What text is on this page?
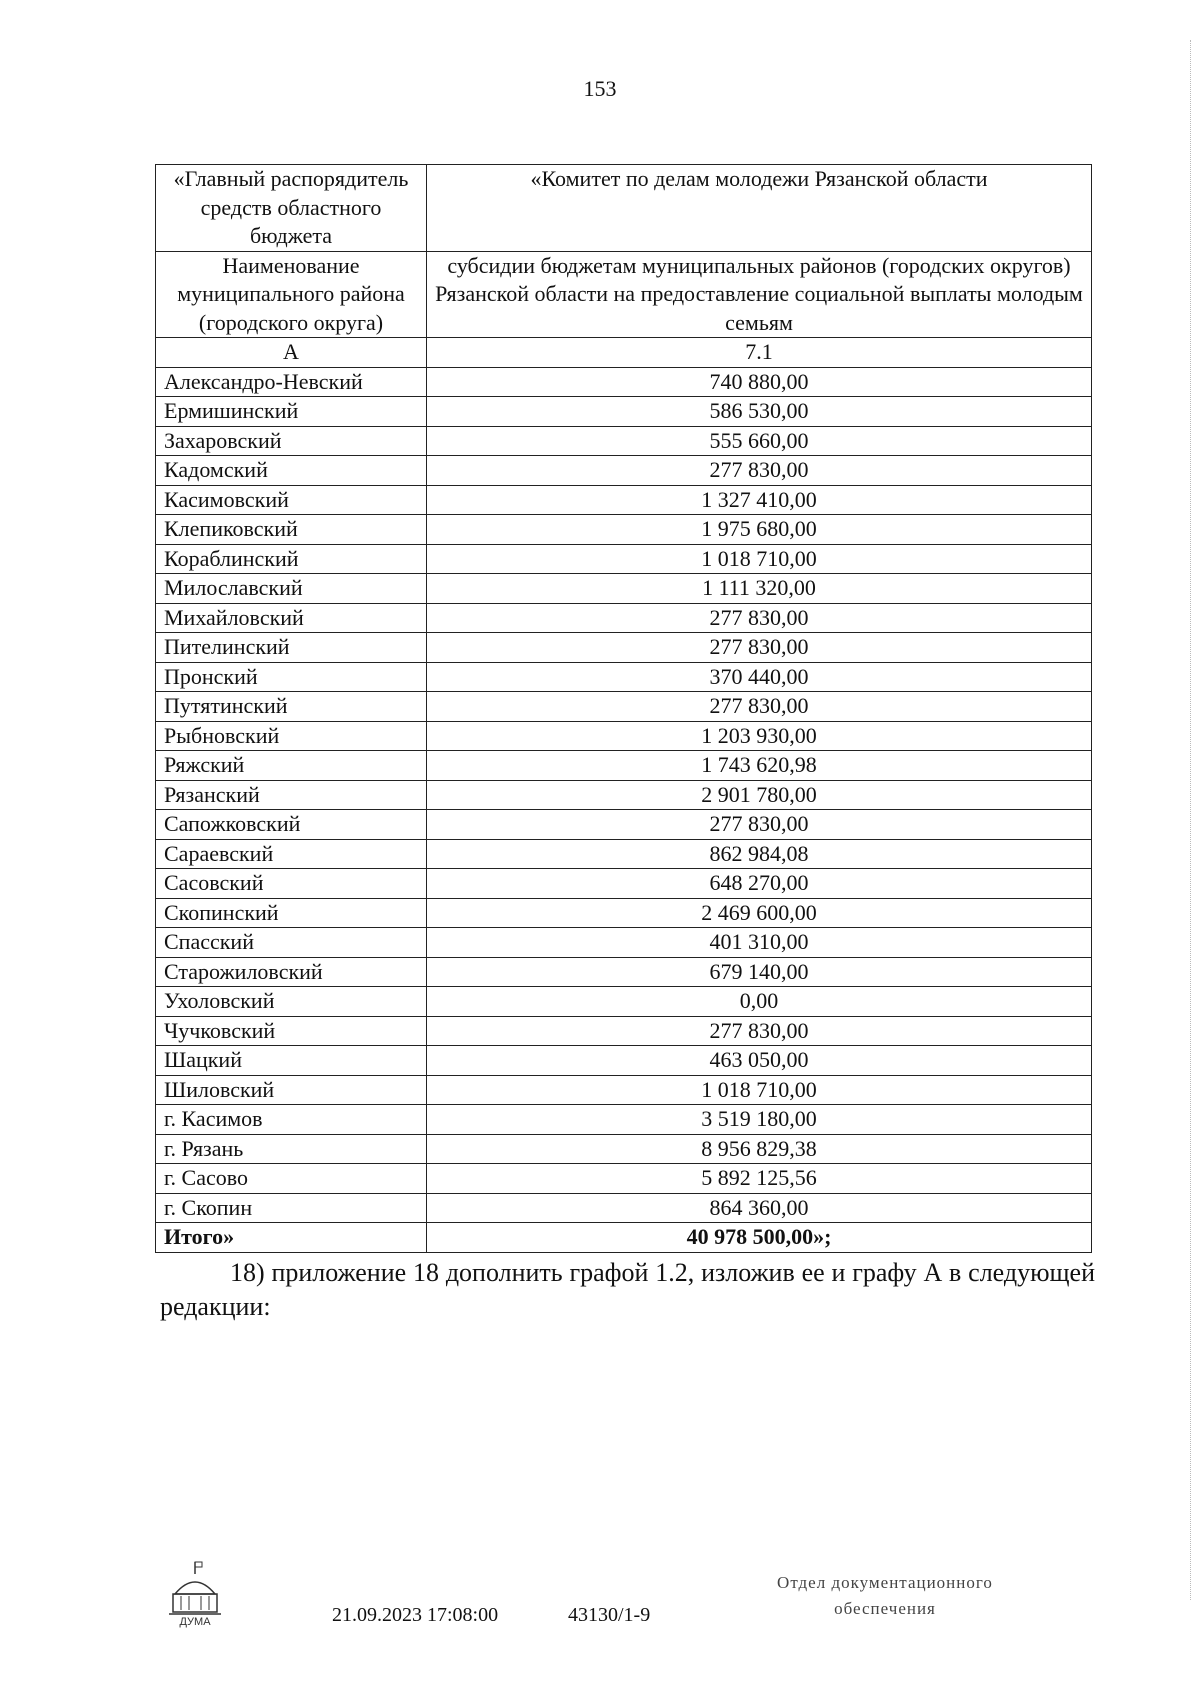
153
«Главный распорядитель средств областного бюджета	«Комитет по делам молодежи Рязанской области
Наименование муниципального района (городского округа)	субсидии бюджетам муниципальных районов (городских округов) Рязанской области на предоставление социальной выплаты молодым семьям
А	7.1
Александро-Невский	740 880,00
Ермишинский	586 530,00
Захаровский	555 660,00
Кадомский	277 830,00
Касимовский	1 327 410,00
Клепиковский	1 975 680,00
Кораблинский	1 018 710,00
Милославский	1 111 320,00
Михайловский	277 830,00
Пителинский	277 830,00
Пронский	370 440,00
Путятинский	277 830,00
Рыбновский	1 203 930,00
Ряжский	1 743 620,98
Рязанский	2 901 780,00
Сапожковский	277 830,00
Сараевский	862 984,08
Сасовский	648 270,00
Скопинский	2 469 600,00
Спасский	401 310,00
Старожиловский	679 140,00
Ухоловский	0,00
Чучковский	277 830,00
Шацкий	463 050,00
Шиловский	1 018 710,00
г. Касимов	3 519 180,00
г. Рязань	8 956 829,38
г. Сасово	5 892 125,56
г. Скопин	864 360,00
Итого»	40 978 500,00»;
18) приложение 18 дополнить графой 1.2, изложив ее и графу А в следующей редакции:
ДУМА	21.09.2023 17:08:00	43130/1-9
Отдел документационного
обеспечения
